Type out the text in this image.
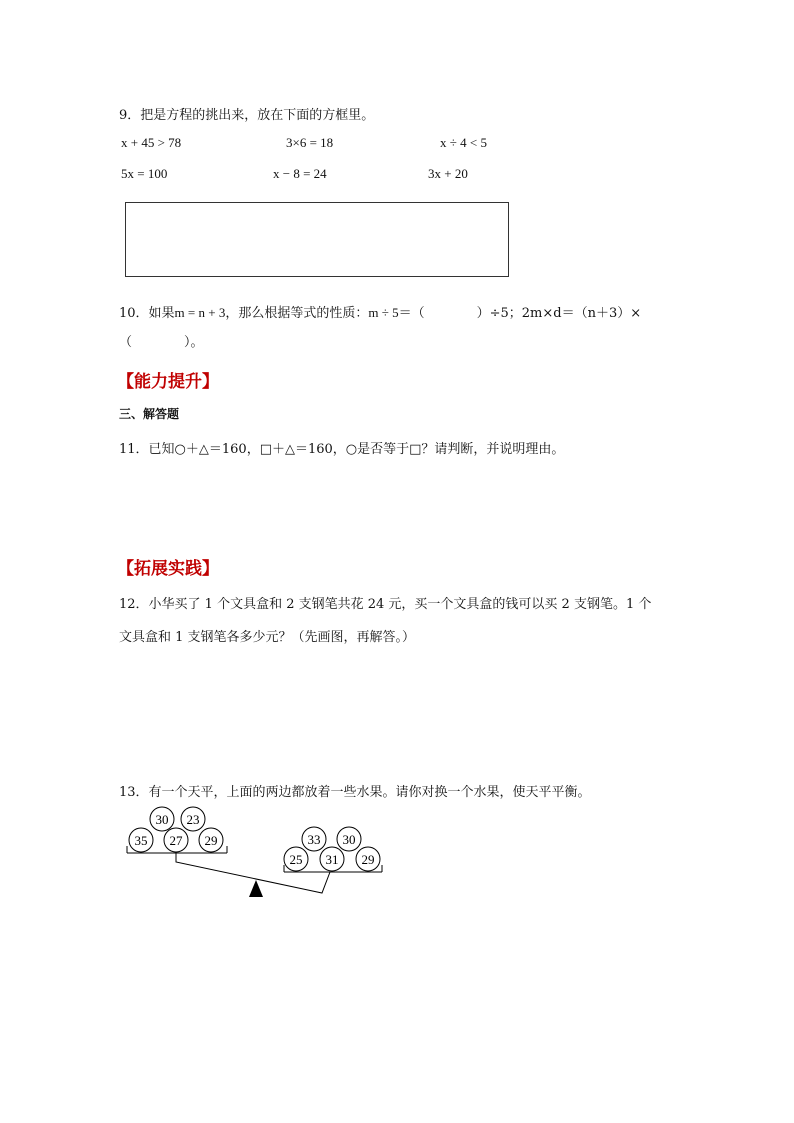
9．把是方程的挑出来，放在下面的方框里。
x + 45 > 78	3×6 = 18	x ÷ 4 < 5
5x = 100	x − 8 = 24	3x + 20
10．如果m = n + 3，那么根据等式的性质：m ÷ 5＝（　　　　）÷5；2m×d＝（n＋3）×
（　　　　）。
【能力提升】
三、解答题
11．已知○＋△＝160，□＋△＝160，○是否等于□？请判断，并说明理由。
【拓展实践】
12．小华买了 1 个文具盒和 2 支钢笔共花 24 元，买一个文具盒的钱可以买 2 支钢笔。1 个
文具盒和 1 支钢笔各多少元？（先画图，再解答。）
13．有一个天平，上面的两边都放着一些水果。请你对换一个水果，使天平平衡。
30 23
35 27 29	33 30
25 31 29
